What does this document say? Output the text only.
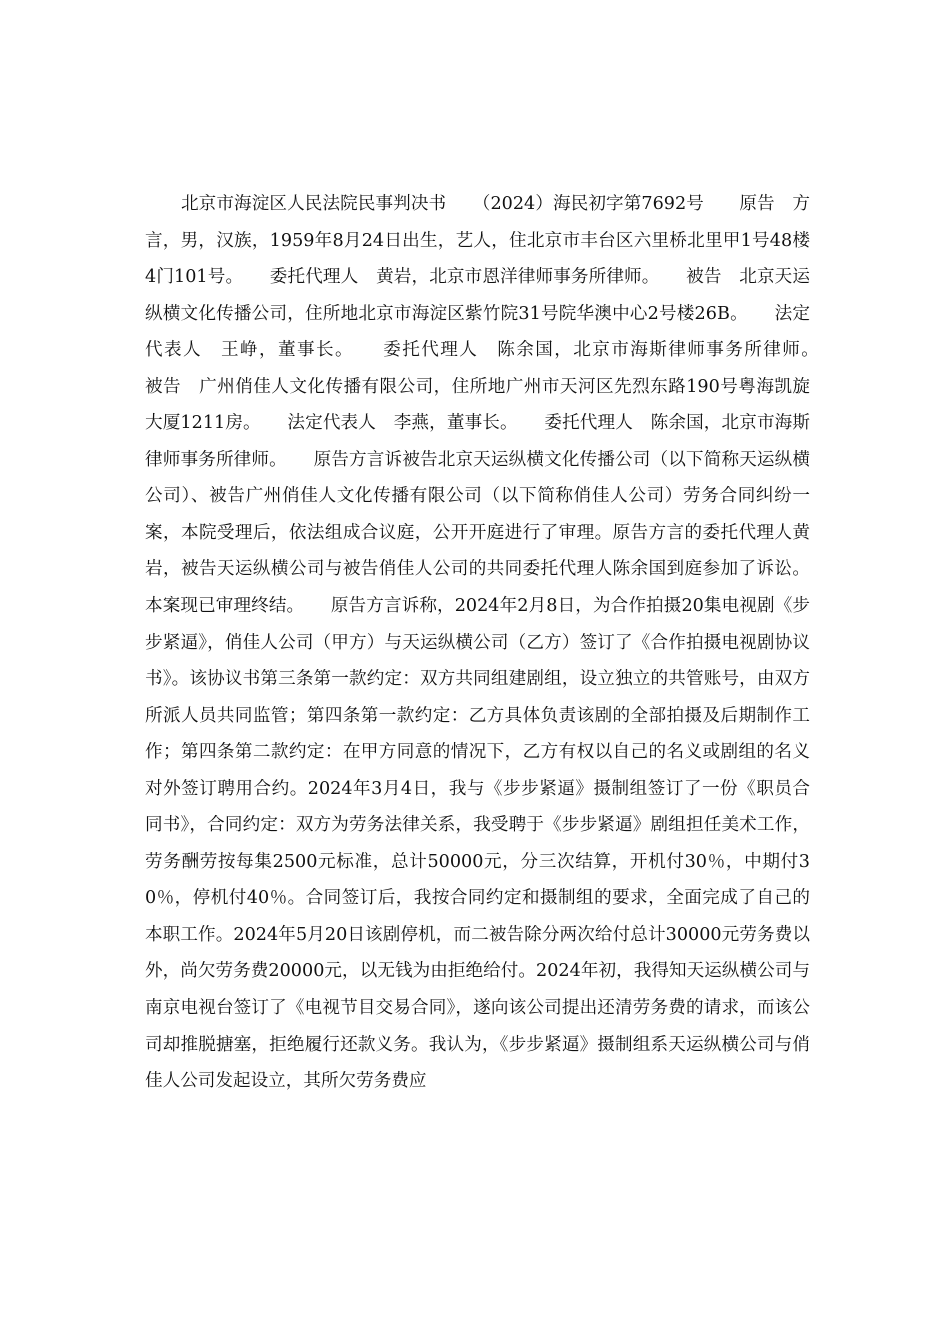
北京市海淀区人民法院民事判决书　　（2024）海民初字第7692号　　原告　方言，男，汉族，1959年8月24日出生，艺人，住北京市丰台区六里桥北里甲1号48楼4门101号。　　委托代理人　黄岩，北京市恩洋律师事务所律师。　　被告　北京天运纵横文化传播公司，住所地北京市海淀区紫竹院31号院华澳中心2号楼26B。　　法定代表人　王峥，董事长。　　委托代理人　陈余国，北京市海斯律师事务所律师。　　被告　广州俏佳人文化传播有限公司，住所地广州市天河区先烈东路190号粤海凯旋大厦1211房。　　法定代表人　李燕，董事长。　　委托代理人　陈余国，北京市海斯律师事务所律师。　　原告方言诉被告北京天运纵横文化传播公司（以下简称天运纵横公司）、被告广州俏佳人文化传播有限公司（以下简称俏佳人公司）劳务合同纠纷一案，本院受理后，依法组成合议庭，公开开庭进行了审理。原告方言的委托代理人黄岩，被告天运纵横公司与被告俏佳人公司的共同委托代理人陈余国到庭参加了诉讼。本案现已审理终结。　　原告方言诉称，2024年2月8日，为合作拍摄20集电视剧《步步紧逼》，俏佳人公司（甲方）与天运纵横公司（乙方）签订了《合作拍摄电视剧协议书》。该协议书第三条第一款约定：双方共同组建剧组，设立独立的共管账号，由双方所派人员共同监管；第四条第一款约定：乙方具体负责该剧的全部拍摄及后期制作工作；第四条第二款约定：在甲方同意的情况下，乙方有权以自己的名义或剧组的名义对外签订聘用合约。2024年3月4日，我与《步步紧逼》摄制组签订了一份《职员合同书》，合同约定：双方为劳务法律关系，我受聘于《步步紧逼》剧组担任美术工作，劳务酬劳按每集2500元标准，总计50000元，分三次结算，开机付30％，中期付30％，停机付40％。合同签订后，我按合同约定和摄制组的要求，全面完成了自己的本职工作。2024年5月20日该剧停机，而二被告除分两次给付总计30000元劳务费以外，尚欠劳务费20000元，以无钱为由拒绝给付。2024年初，我得知天运纵横公司与南京电视台签订了《电视节目交易合同》，遂向该公司提出还清劳务费的请求，而该公司却推脱搪塞，拒绝履行还款义务。我认为，《步步紧逼》摄制组系天运纵横公司与俏佳人公司发起设立，其所欠劳务费应
